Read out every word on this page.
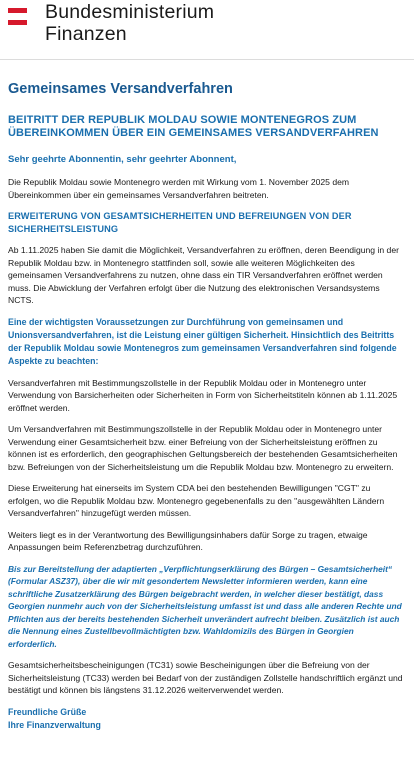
Bundesministerium
Finanzen
Gemeinsames Versandverfahren
BEITRITT DER REPUBLIK MOLDAU SOWIE MONTENEGROS ZUM ÜBEREINKOMMEN ÜBER EIN GEMEINSAMES VERSANDVERFAHREN
Sehr geehrte Abonnentin, sehr geehrter Abonnent,

Die Republik Moldau sowie Montenegro werden mit Wirkung vom 1. November 2025 dem Übereinkommen über ein gemeinsames Versandverfahren beitreten.

ERWEITERUNG VON GESAMTSICHERHEITEN UND BEFREIUNGEN VON DER SICHERHEITSLEISTUNG

Ab 1.11.2025 haben Sie damit die Möglichkeit, Versandverfahren zu eröffnen, deren Beendigung in der Republik Moldau bzw. in Montenegro stattfinden soll, sowie alle weiteren Möglichkeiten des gemeinsamen Versandverfahrens zu nutzen, ohne dass ein TIR Versandverfahren eröffnet werden muss. Die Abwicklung der Verfahren erfolgt über die Nutzung des elektronischen Versandsystems NCTS.

Eine der wichtigsten Voraussetzungen zur Durchführung von gemeinsamen und Unionsversandverfahren, ist die Leistung einer gültigen Sicherheit. Hinsichtlich des Beitritts der Republik Moldau sowie Montenegros zum gemeinsamen Versandverfahren sind folgende Aspekte zu beachten:

Versandverfahren mit Bestimmungszollstelle in der Republik Moldau oder in Montenegro unter Verwendung von Barsicherheiten oder Sicherheiten in Form von Sicherheitstiteln können ab 1.11.2025 eröffnet werden.

Um Versandverfahren mit Bestimmungszollstelle in der Republik Moldau oder in Montenegro unter Verwendung einer Gesamtsicherheit bzw. einer Befreiung von der Sicherheitsleistung eröffnen zu können ist es erforderlich, den geographischen Geltungsbereich der bestehenden Gesamtsicherheiten bzw. Befreiungen von der Sicherheitsleistung um die Republik Moldau bzw. Montenegro zu erweitern.

Diese Erweiterung hat einerseits im System CDA bei den bestehenden Bewilligungen "CGT" zu erfolgen, wo die Republik Moldau bzw. Montenegro gegebenenfalls zu den "ausgewählten Ländern Versandverfahren" hinzugefügt werden müssen.

Weiters liegt es in der Verantwortung des Bewilligungsinhabers dafür Sorge zu tragen, etwaige Anpassungen beim Referenzbetrag durchzuführen.

Bis zur Bereitstellung der adaptierten „Verpflichtungserklärung des Bürgen – Gesamtsicherheit“ (Formular ASZ37), über die wir mit gesondertem Newsletter informieren werden, kann eine schriftliche Zusatzerklärung des Bürgen beigebracht werden, in welcher dieser bestätigt, dass Georgien nunmehr auch von der Sicherheitsleistung umfasst ist und dass alle anderen Rechte und Pflichten aus der bereits bestehenden Sicherheit unverändert aufrecht bleiben. Zusätzlich ist auch die Nennung eines Zustellbevollmächtigten bzw. Wahldomizils des Bürgen in Georgien erforderlich.

Gesamtsicherheitsbescheinigungen (TC31) sowie Bescheinigungen über die Befreiung von der Sicherheitsleistung (TC33) werden bei Bedarf von der zuständigen Zollstelle handschriftlich ergänzt und bestätigt und können bis längstens 31.12.2026 weiterverwendet werden.

Freundliche Grüße

Ihre Finanzverwaltung
